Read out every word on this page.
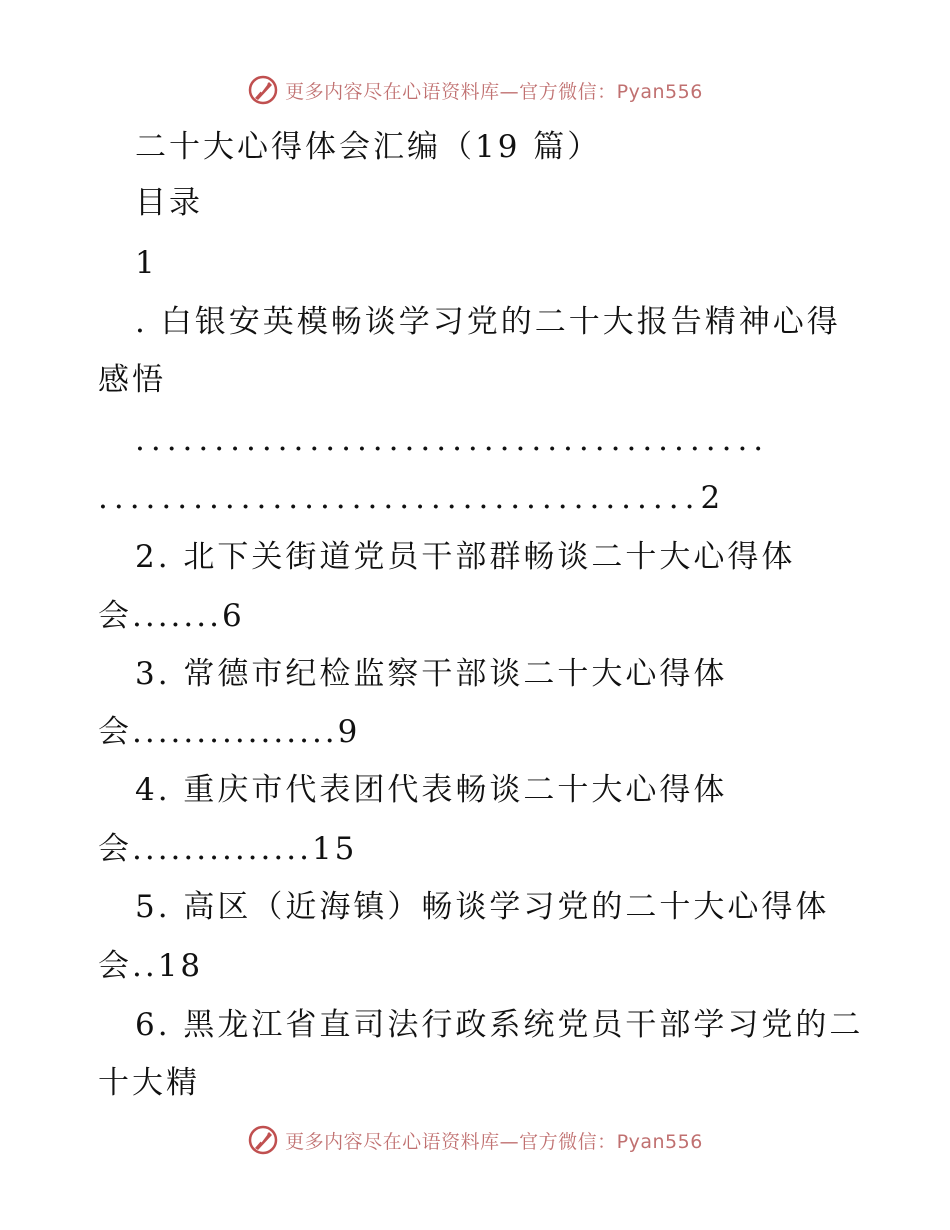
更多内容尽在心语资料库—官方微信：Pyan556
二十大心得体会汇编（19 篇）
目录
1
. 白银安英模畅谈学习党的二十大报告精神心得
感悟
........................................
......................................2
2. 北下关街道党员干部群畅谈二十大心得体
会.......6
3. 常德市纪检监察干部谈二十大心得体
会................9
4. 重庆市代表团代表畅谈二十大心得体
会..............15
5. 高区（近海镇）畅谈学习党的二十大心得体
会..18
6. 黑龙江省直司法行政系统党员干部学习党的二
十大精
更多内容尽在心语资料库—官方微信：Pyan556
